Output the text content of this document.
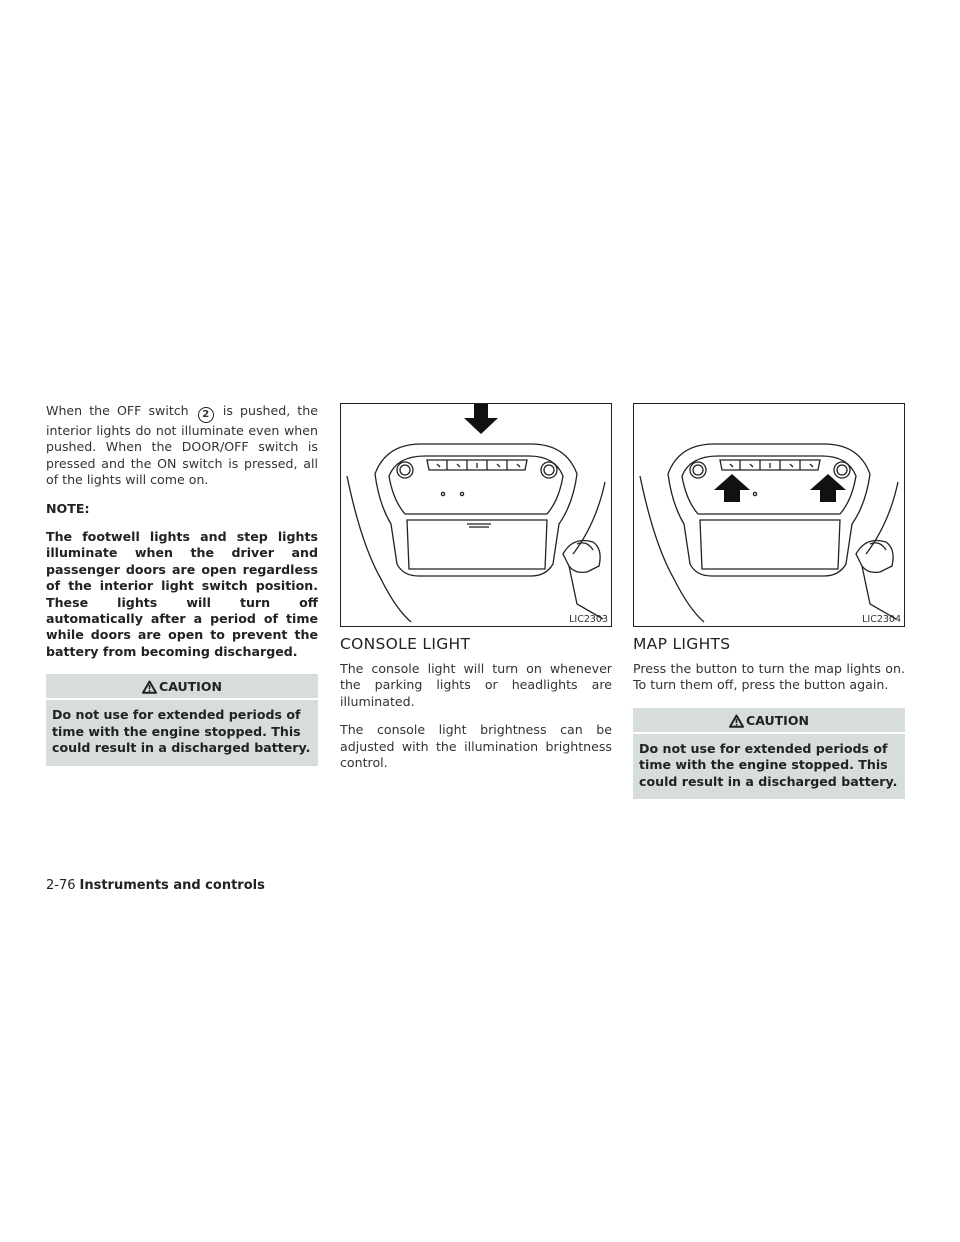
When the OFF switch 2 is pushed, the interior lights do not illuminate even when pushed. When the DOOR/OFF switch is pressed and the ON switch is pressed, all of the lights will come on.

NOTE:

The footwell lights and step lights illuminate when the driver and passenger doors are open regardless of the interior light switch position. These lights will turn off automatically after a period of time while doors are open to prevent the battery from becoming discharged.

CAUTION
Do not use for extended periods of time with the engine stopped. This could result in a discharged battery.
LIC2303
CONSOLE LIGHT

The console light will turn on whenever the parking lights or headlights are illuminated.

The console light brightness can be adjusted with the illumination brightness control.

LIC2304
MAP LIGHTS

Press the button to turn the map lights on. To turn them off, press the button again.

CAUTION
Do not use for extended periods of time with the engine stopped. This could result in a discharged battery.
2-76 Instruments and controls
